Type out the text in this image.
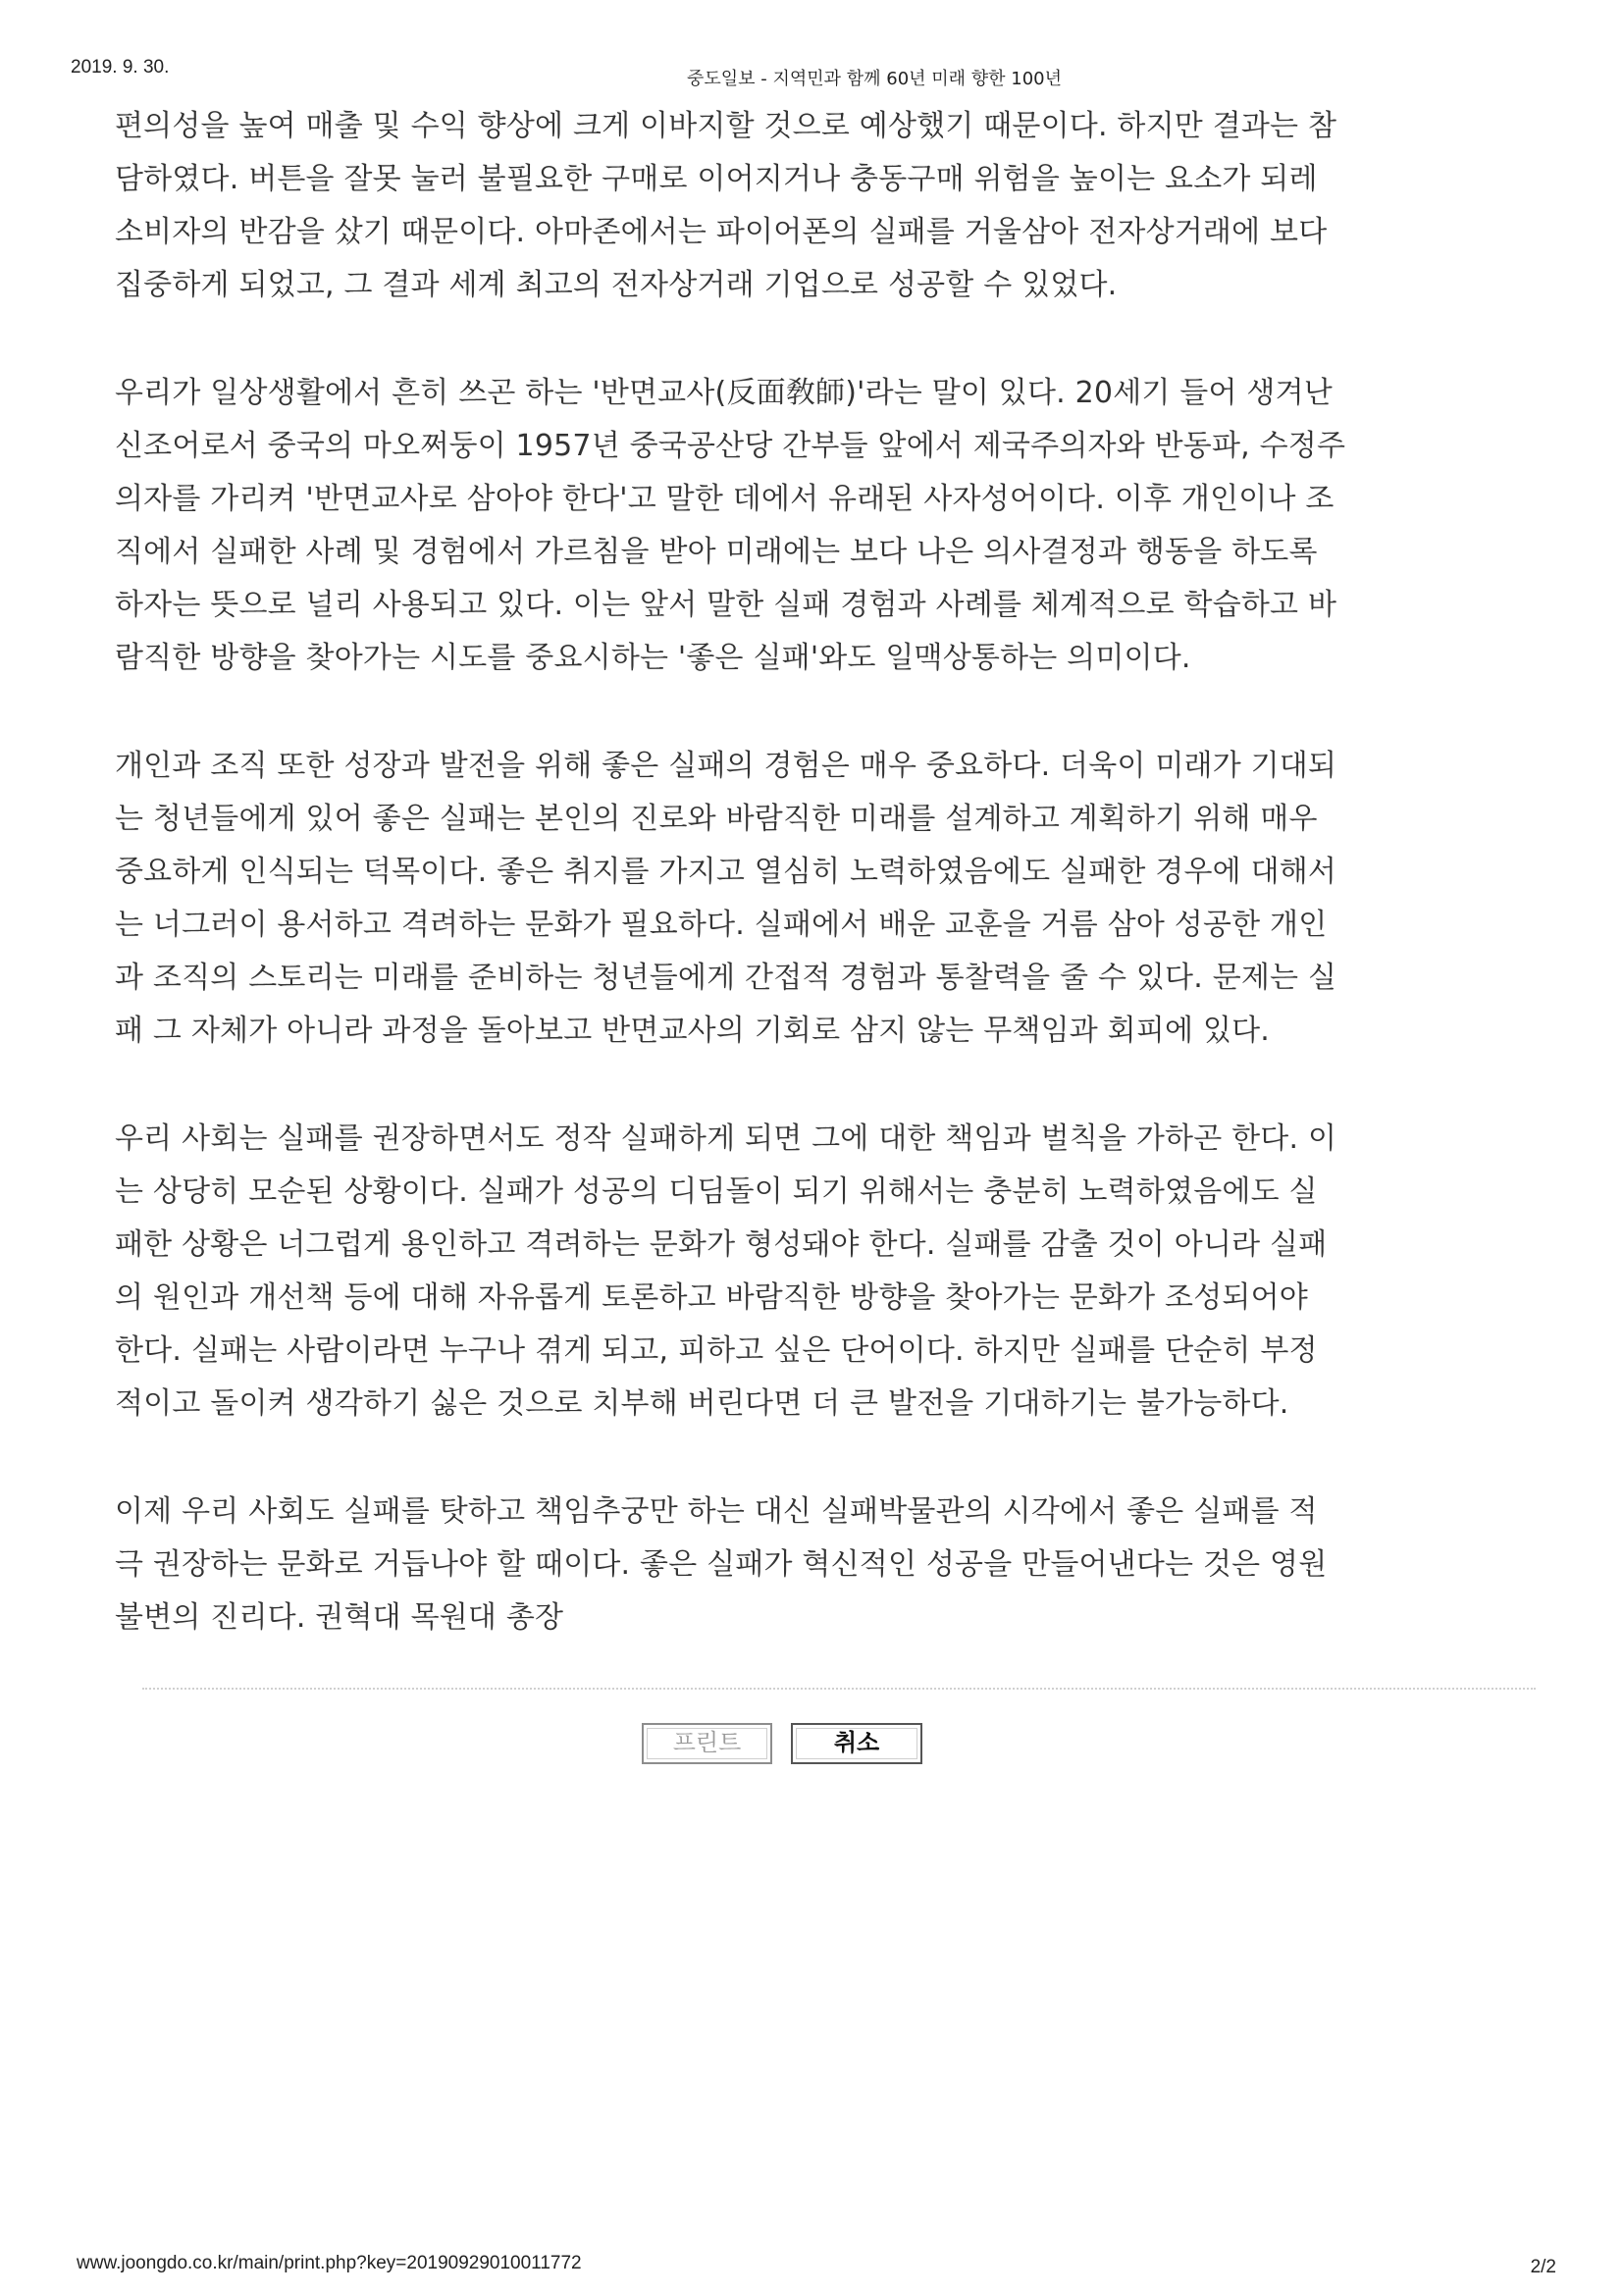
2019. 9. 30.
중도일보 - 지역민과 함께 60년 미래 향한 100년
편의성을 높여 매출 및 수익 향상에 크게 이바지할 것으로 예상했기 때문이다. 하지만 결과는 참
담하였다. 버튼을 잘못 눌러 불필요한 구매로 이어지거나 충동구매 위험을 높이는 요소가 되레
소비자의 반감을 샀기 때문이다. 아마존에서는 파이어폰의 실패를 거울삼아 전자상거래에 보다
집중하게 되었고, 그 결과 세계 최고의 전자상거래 기업으로 성공할 수 있었다.
우리가 일상생활에서 흔히 쓰곤 하는 '반면교사(反面敎師)'라는 말이 있다. 20세기 들어 생겨난
신조어로서 중국의 마오쩌둥이 1957년 중국공산당 간부들 앞에서 제국주의자와 반동파, 수정주
의자를 가리켜 '반면교사로 삼아야 한다'고 말한 데에서 유래된 사자성어이다. 이후 개인이나 조
직에서 실패한 사례 및 경험에서 가르침을 받아 미래에는 보다 나은 의사결정과 행동을 하도록
하자는 뜻으로 널리 사용되고 있다. 이는 앞서 말한 실패 경험과 사례를 체계적으로 학습하고 바
람직한 방향을 찾아가는 시도를 중요시하는 '좋은 실패'와도 일맥상통하는 의미이다.
개인과 조직 또한 성장과 발전을 위해 좋은 실패의 경험은 매우 중요하다. 더욱이 미래가 기대되
는 청년들에게 있어 좋은 실패는 본인의 진로와 바람직한 미래를 설계하고 계획하기 위해 매우
중요하게 인식되는 덕목이다. 좋은 취지를 가지고 열심히 노력하였음에도 실패한 경우에 대해서
는 너그러이 용서하고 격려하는 문화가 필요하다. 실패에서 배운 교훈을 거름 삼아 성공한 개인
과 조직의 스토리는 미래를 준비하는 청년들에게 간접적 경험과 통찰력을 줄 수 있다. 문제는 실
패 그 자체가 아니라 과정을 돌아보고 반면교사의 기회로 삼지 않는 무책임과 회피에 있다.
우리 사회는 실패를 권장하면서도 정작 실패하게 되면 그에 대한 책임과 벌칙을 가하곤 한다. 이
는 상당히 모순된 상황이다. 실패가 성공의 디딤돌이 되기 위해서는 충분히 노력하였음에도 실
패한 상황은 너그럽게 용인하고 격려하는 문화가 형성돼야 한다. 실패를 감출 것이 아니라 실패
의 원인과 개선책 등에 대해 자유롭게 토론하고 바람직한 방향을 찾아가는 문화가 조성되어야
한다. 실패는 사람이라면 누구나 겪게 되고, 피하고 싶은 단어이다. 하지만 실패를 단순히 부정
적이고 돌이켜 생각하기 싫은 것으로 치부해 버린다면 더 큰 발전을 기대하기는 불가능하다.
이제 우리 사회도 실패를 탓하고 책임추궁만 하는 대신 실패박물관의 시각에서 좋은 실패를 적
극 권장하는 문화로 거듭나야 할 때이다. 좋은 실패가 혁신적인 성공을 만들어낸다는 것은 영원
불변의 진리다. 권혁대 목원대 총장
프린트	취소
www.joongdo.co.kr/main/print.php?key=20190929010011772	2/2
